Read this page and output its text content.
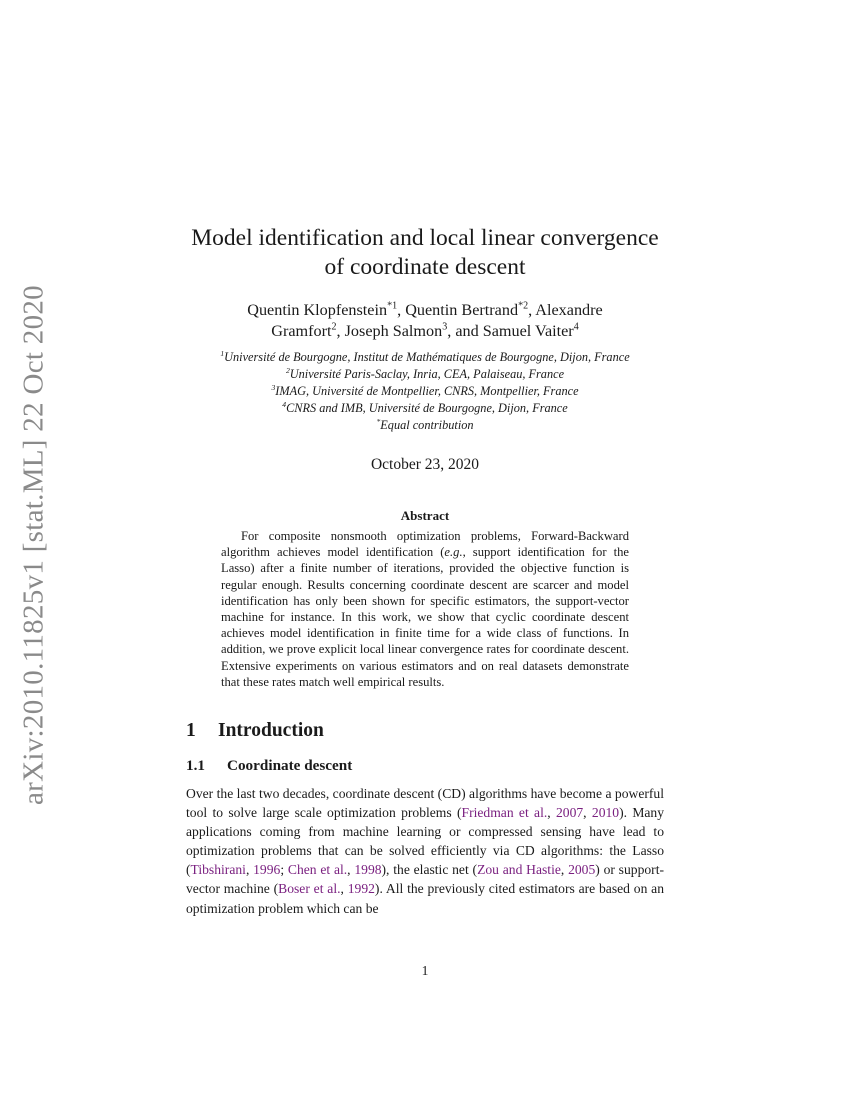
arXiv:2010.11825v1 [stat.ML] 22 Oct 2020
Model identification and local linear convergence
of coordinate descent
Quentin Klopfenstein$^{*1}$, Quentin Bertrand$^{*2}$, Alexandre
Gramfort$^2$, Joseph Salmon$^3$, and Samuel Vaiter$^4$
$^1$Université de Bourgogne, Institut de Mathématiques de Bourgogne, Dijon, France
$^2$Université Paris-Saclay, Inria, CEA, Palaiseau, France
$^3$IMAG, Université de Montpellier, CNRS, Montpellier, France
$^4$CNRS and IMB, Université de Bourgogne, Dijon, France
*Equal contribution
October 23, 2020
Abstract

For composite nonsmooth optimization problems, Forward-Backward algorithm achieves model identification (e.g., support identification for the Lasso) after a finite number of iterations, provided the objective function is regular enough. Results concerning coordinate descent are scarcer and model identification has only been shown for specific estimators, the support-vector machine for instance. In this work, we show that cyclic coordinate descent achieves model identification in finite time for a wide class of functions. In addition, we prove explicit local linear convergence rates for coordinate descent. Extensive experiments on various estimators and on real datasets demonstrate that these rates match well empirical results.

1 Introduction
1.1 Coordinate descent

Over the last two decades, coordinate descent (CD) algorithms have become a powerful tool to solve large scale optimization problems (Friedman et al., 2007, 2010). Many applications coming from machine learning or compressed sensing have lead to optimization problems that can be solved efficiently via CD algorithms: the Lasso (Tibshirani, 1996; Chen et al., 1998), the elastic net (Zou and Hastie, 2005) or support-vector machine (Boser et al., 1992). All the previously cited estimators are based on an optimization problem which can be

1
